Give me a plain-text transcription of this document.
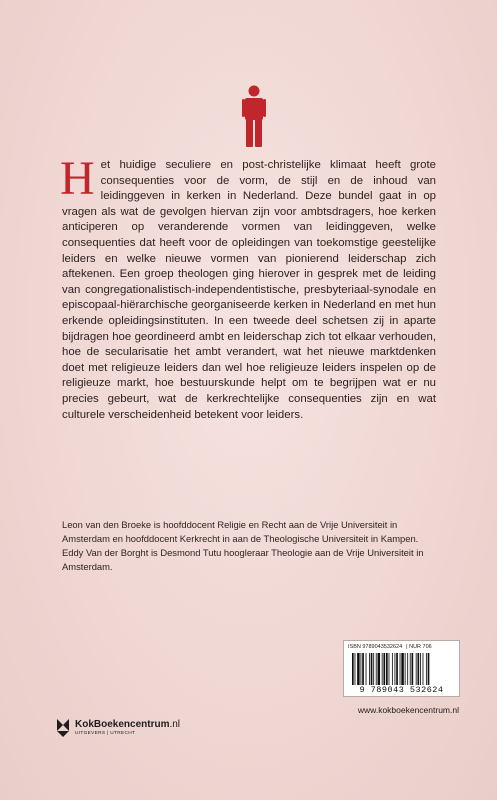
H et huidige seculiere en post-christelijke klimaat heeft grote consequenties voor de vorm, de stijl en de inhoud van leidinggeven in kerken in Nederland. Deze bundel gaat in op vragen als wat de gevolgen hiervan zijn voor ambtsdragers, hoe kerken anticiperen op veranderende vormen van leidinggeven, welke consequenties dat heeft voor de opleidingen van toekomstige geestelijke leiders en welke nieuwe vormen van pionierend leiderschap zich aftekenen. Een groep theologen ging hierover in gesprek met de leiding van congregationalistisch-independentistische, presbyteriaal-synodale en episcopaal-hiërarchische georganiseerde kerken in Nederland en met hun erkende opleidingsinstituten. In een tweede deel schetsen zij in aparte bijdragen hoe geordineerd ambt en leiderschap zich tot elkaar verhouden, hoe de secularisatie het ambt verandert, wat het nieuwe marktdenken doet met religieuze leiders dan wel hoe religieuze leiders inspelen op de religieuze markt, hoe bestuurskunde helpt om te begrijpen wat er nu precies gebeurt, wat de kerkrechtelijke consequenties zijn en wat culturele verscheidenheid betekent voor leiders.

Leon van den Broeke is hoofddocent Religie en Recht aan de Vrije Universiteit in Amsterdam en hoofddocent Kerkrecht in aan de Theologische Universiteit in Kampen.

Eddy Van der Borght is Desmond Tutu hoogleraar Theologie aan de Vrije Universiteit in Amsterdam.

ISBN 9789043532624 | NUR 706
9 789043 532624
KokBoekencentrum.nl
UITGEVERS | UTRECHT
www.kokboekencentrum.nl
